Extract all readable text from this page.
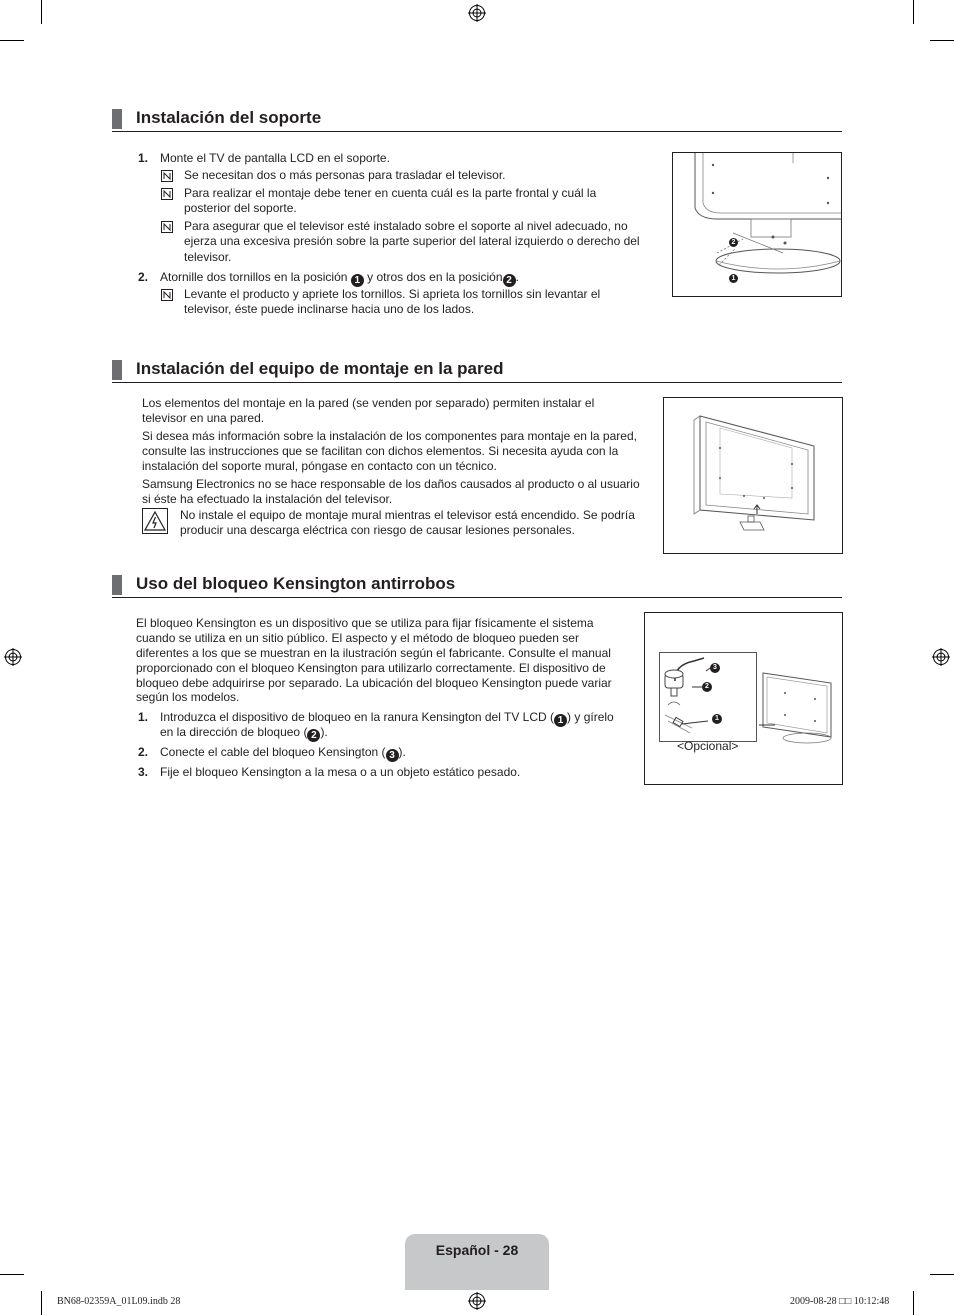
Instalación del soporte
1. Monte el TV de pantalla LCD en el soporte.
Se necesitan dos o más personas para trasladar el televisor.
Para realizar el montaje debe tener en cuenta cuál es la parte frontal y cuál la
posterior del soporte.
Para asegurar que el televisor esté instalado sobre el soporte al nivel adecuado, no
ejerza una excesiva presión sobre la parte superior del lateral izquierdo o derecho del
televisor.
2. Atornille dos tornillos en la posición 1 y otros dos en la posición 2 .
Levante el producto y apriete los tornillos. Si aprieta los tornillos sin levantar el
televisor, éste puede inclinarse hacia uno de los lados.
2
1
Instalación del equipo de montaje en la pared
Los elementos del montaje en la pared (se venden por separado) permiten instalar el
televisor en una pared.
Si desea más información sobre la instalación de los componentes para montaje en la pared,
consulte las instrucciones que se facilitan con dichos elementos. Si necesita ayuda con la
instalación del soporte mural, póngase en contacto con un técnico.
Samsung Electronics no se hace responsable de los daños causados al producto o al usuario
si éste ha efectuado la instalación del televisor.
No instale el equipo de montaje mural mientras el televisor está encendido. Se podría
producir una descarga eléctrica con riesgo de causar lesiones personales.
Uso del bloqueo Kensington antirrobos
El bloqueo Kensington es un dispositivo que se utiliza para fijar físicamente el sistema
cuando se utiliza en un sitio público. El aspecto y el método de bloqueo pueden ser
diferentes a los que se muestran en la ilustración según el fabricante. Consulte el manual
proporcionado con el bloqueo Kensington para utilizarlo correctamente. El dispositivo de
bloqueo debe adquirirse por separado. La ubicación del bloqueo Kensington puede variar
según los modelos.
1. Introduzca el dispositivo de bloqueo en la ranura Kensington del TV LCD ( 1 ) y gírelo
en la dirección de bloqueo ( 2 ).
2. Conecte el cable del bloqueo Kensington ( 3 ).
3. Fije el bloqueo Kensington a la mesa o a un objeto estático pesado.
3
2
1
<Opcional>
Español - 28
BN68-02359A_01L09.indb 28	2009-08-28 □□ 10:12:48
